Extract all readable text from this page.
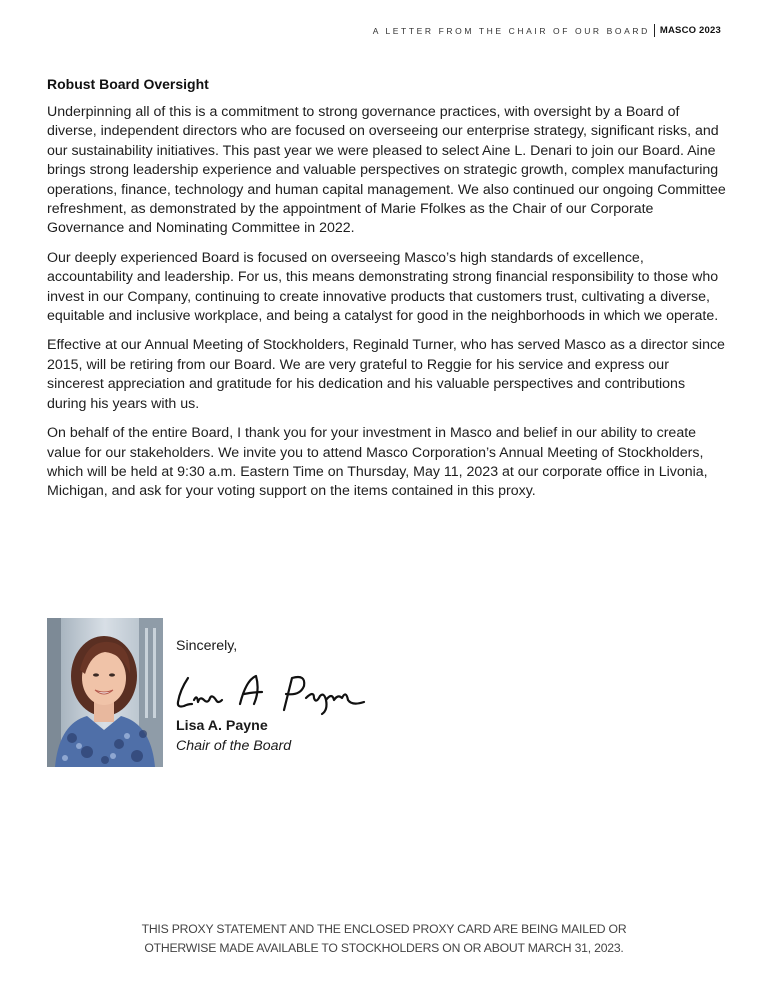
A LETTER FROM THE CHAIR OF OUR BOARD MASCO 2023
Robust Board Oversight

Underpinning all of this is a commitment to strong governance practices, with oversight by a Board of diverse, independent directors who are focused on overseeing our enterprise strategy, significant risks, and our sustainability initiatives. This past year we were pleased to select Aine L. Denari to join our Board. Aine brings strong leadership experience and valuable perspectives on strategic growth, complex manufacturing operations, finance, technology and human capital management. We also continued our ongoing Committee refreshment, as demonstrated by the appointment of Marie Ffolkes as the Chair of our Corporate Governance and Nominating Committee in 2022.

Our deeply experienced Board is focused on overseeing Masco’s high standards of excellence, accountability and leadership. For us, this means demonstrating strong financial responsibility to those who invest in our Company, continuing to create innovative products that customers trust, cultivating a diverse, equitable and inclusive workplace, and being a catalyst for good in the neighborhoods in which we operate.

Effective at our Annual Meeting of Stockholders, Reginald Turner, who has served Masco as a director since 2015, will be retiring from our Board. We are very grateful to Reggie for his service and express our sincerest appreciation and gratitude for his dedication and his valuable perspectives and contributions during his years with us.

On behalf of the entire Board, I thank you for your investment in Masco and belief in our ability to create value for our stakeholders. We invite you to attend Masco Corporation’s Annual Meeting of Stockholders, which will be held at 9:30 a.m. Eastern Time on Thursday, May 11, 2023 at our corporate office in Livonia, Michigan, and ask for your voting support on the items contained in this proxy.

Sincerely,
Lisa A. Payne
Chair of the Board
THIS PROXY STATEMENT AND THE ENCLOSED PROXY CARD ARE BEING MAILED OR
OTHERWISE MADE AVAILABLE TO STOCKHOLDERS ON OR ABOUT MARCH 31, 2023.
